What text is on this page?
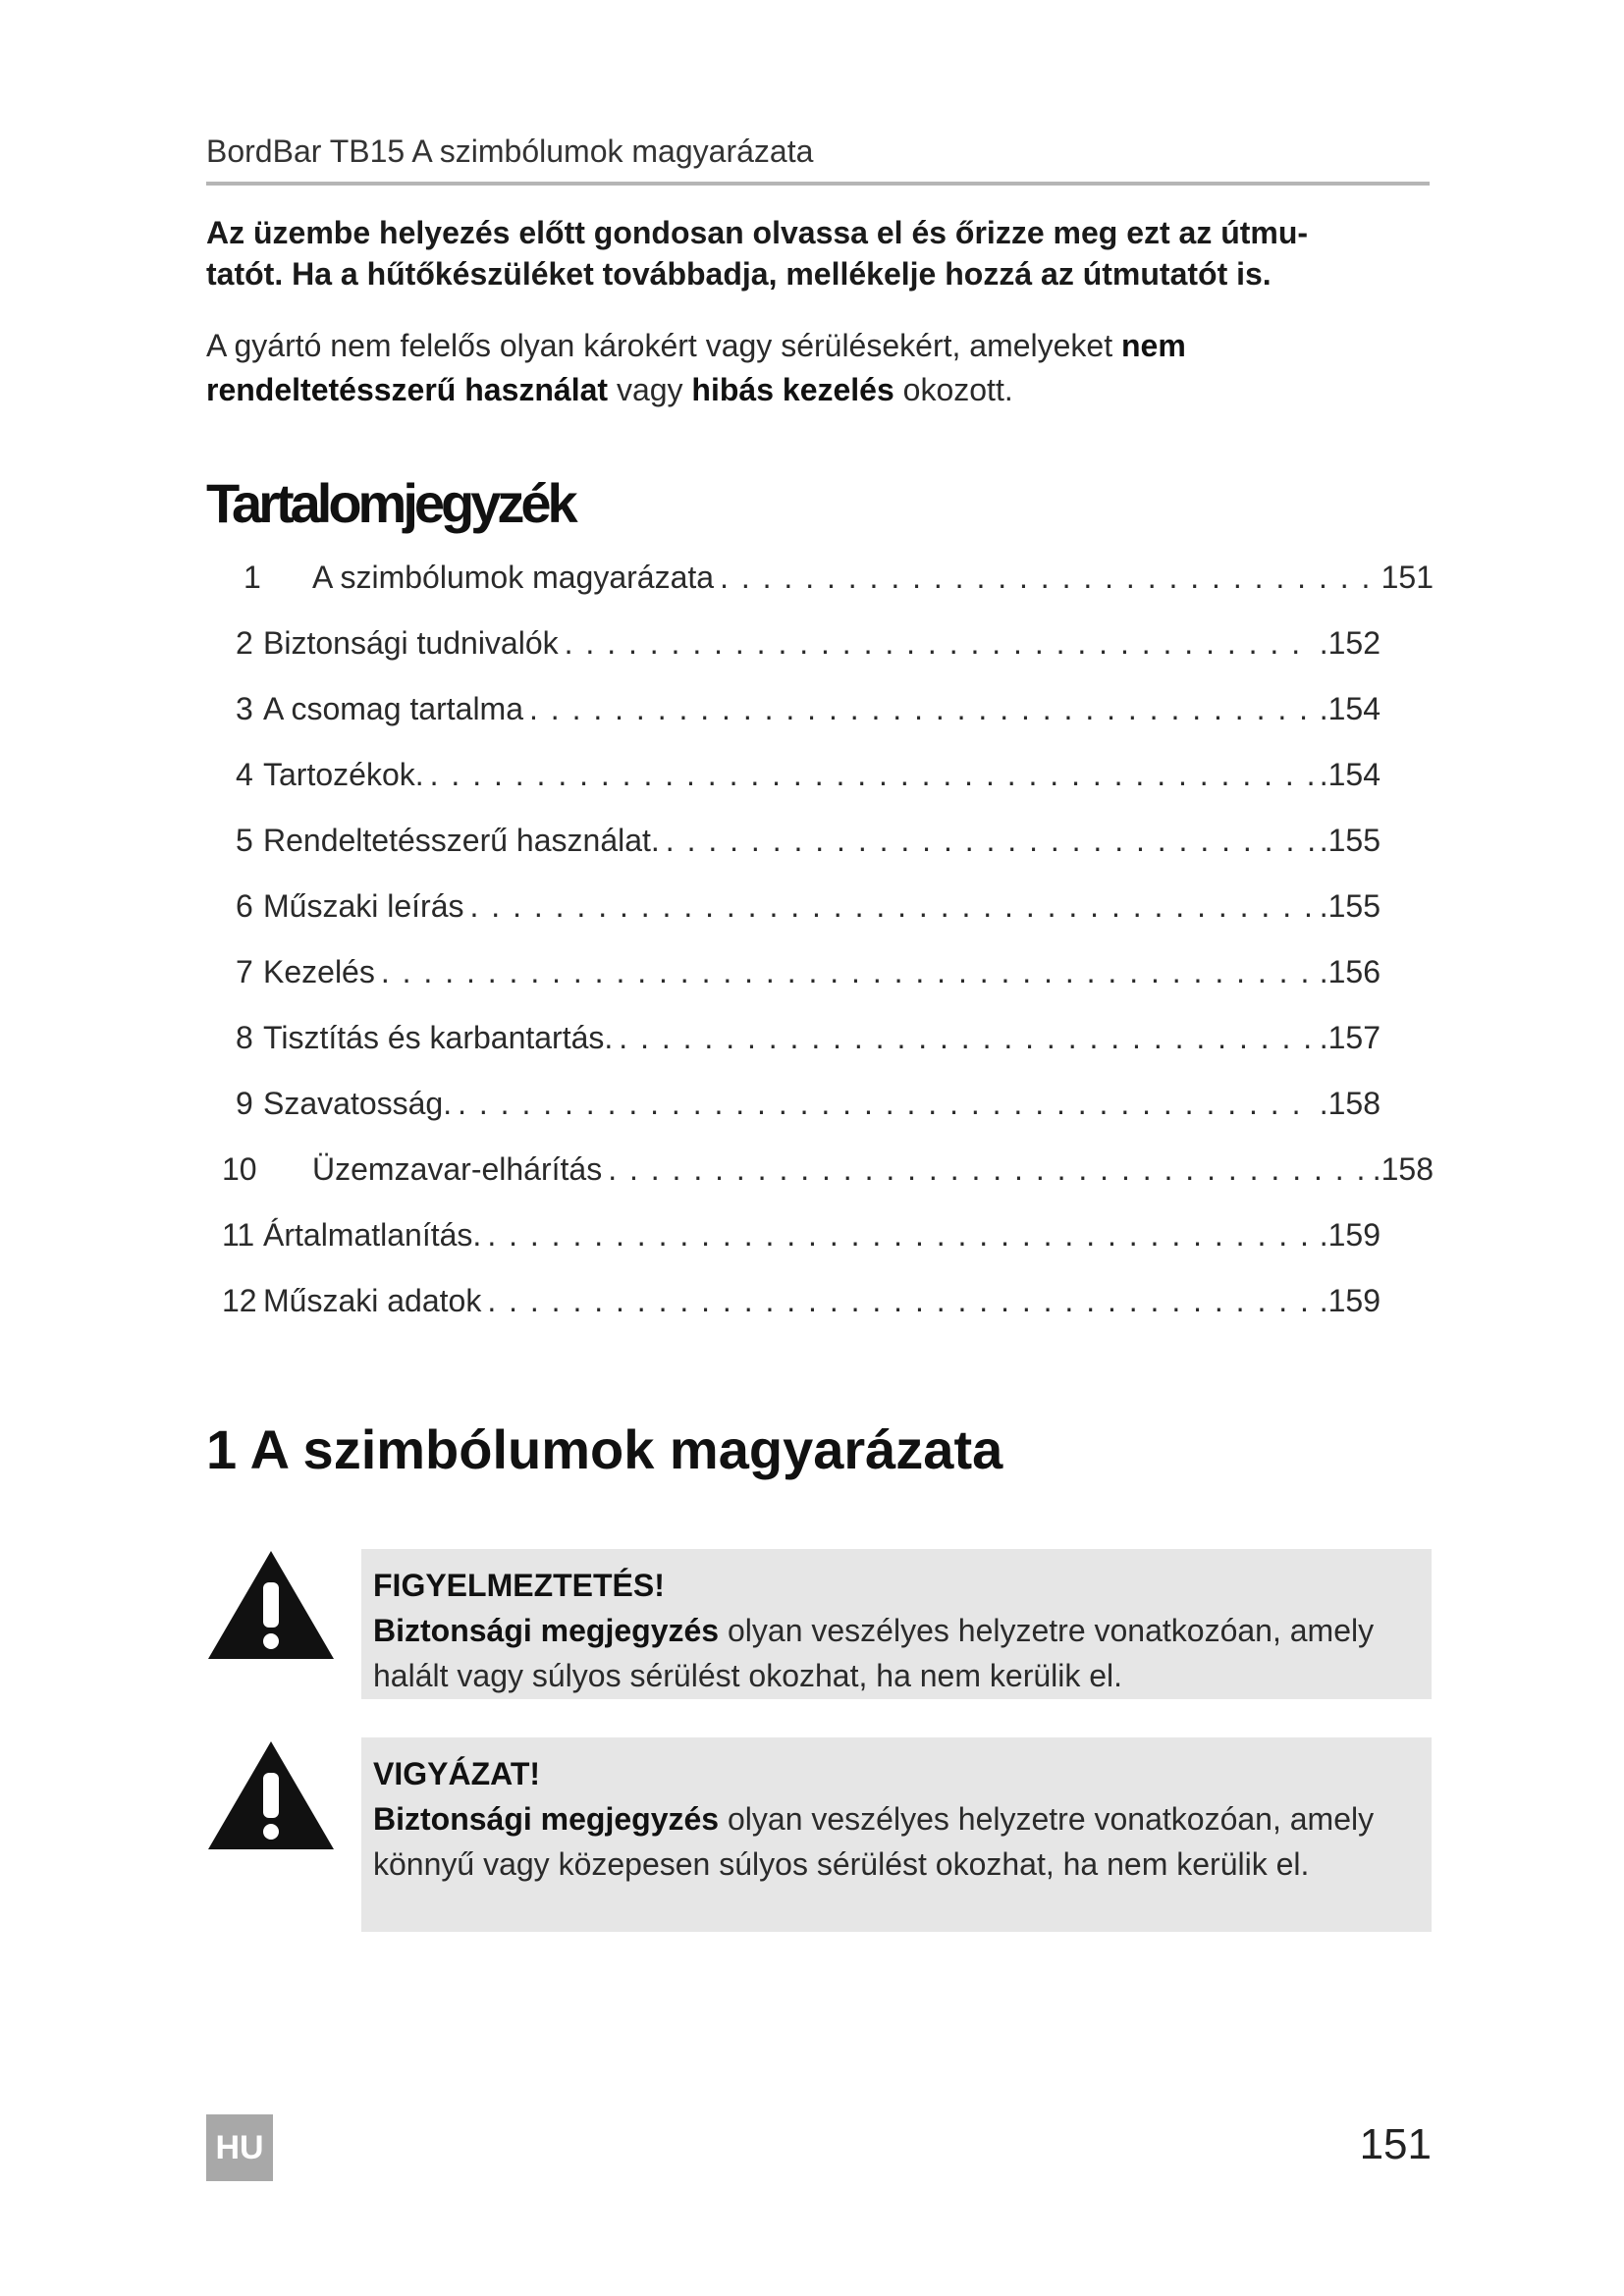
BordBar TB15 A szimbólumok magyarázata
Az üzembe helyezés előtt gondosan olvassa el és őrizze meg ezt az útmu-
tatót. Ha a hűtőkészüléket továbbadja, mellékelje hozzá az útmutatót is.
A gyártó nem felelős olyan károkért vagy sérülésekért, amelyeket nem
rendeltetésszerű használat vagy hibás kezelés okozott.
Tartalomjegyzék
1	A szimbólumok magyarázata . . .	151
2 Biztonsági tudnivalók . . .	.152
3 A csomag tartalma . . .	.154
4 Tartozékok. . . .	.154
5 Rendeltetésszerű használat. . . .	.155
6 Műszaki leírás . . .	.155
7 Kezelés . . .	.156
8 Tisztítás és karbantartás. . . .	.157
9 Szavatosság. . . .	.158
10	Üzemzavar-elhárítás . . .	.158
11 Ártalmatlanítás. . . .	.159
12 Műszaki adatok . . .	.159
1 A szimbólumok magyarázata
FIGYELMEZTETÉS!
Biztonsági megjegyzés olyan veszélyes helyzetre vonatkozóan, amely halált vagy súlyos sérülést okozhat, ha nem kerülik el.
VIGYÁZAT!
Biztonsági megjegyzés olyan veszélyes helyzetre vonatkozóan, amely könnyű vagy közepesen súlyos sérülést okozhat, ha nem kerülik el.
HU	151
